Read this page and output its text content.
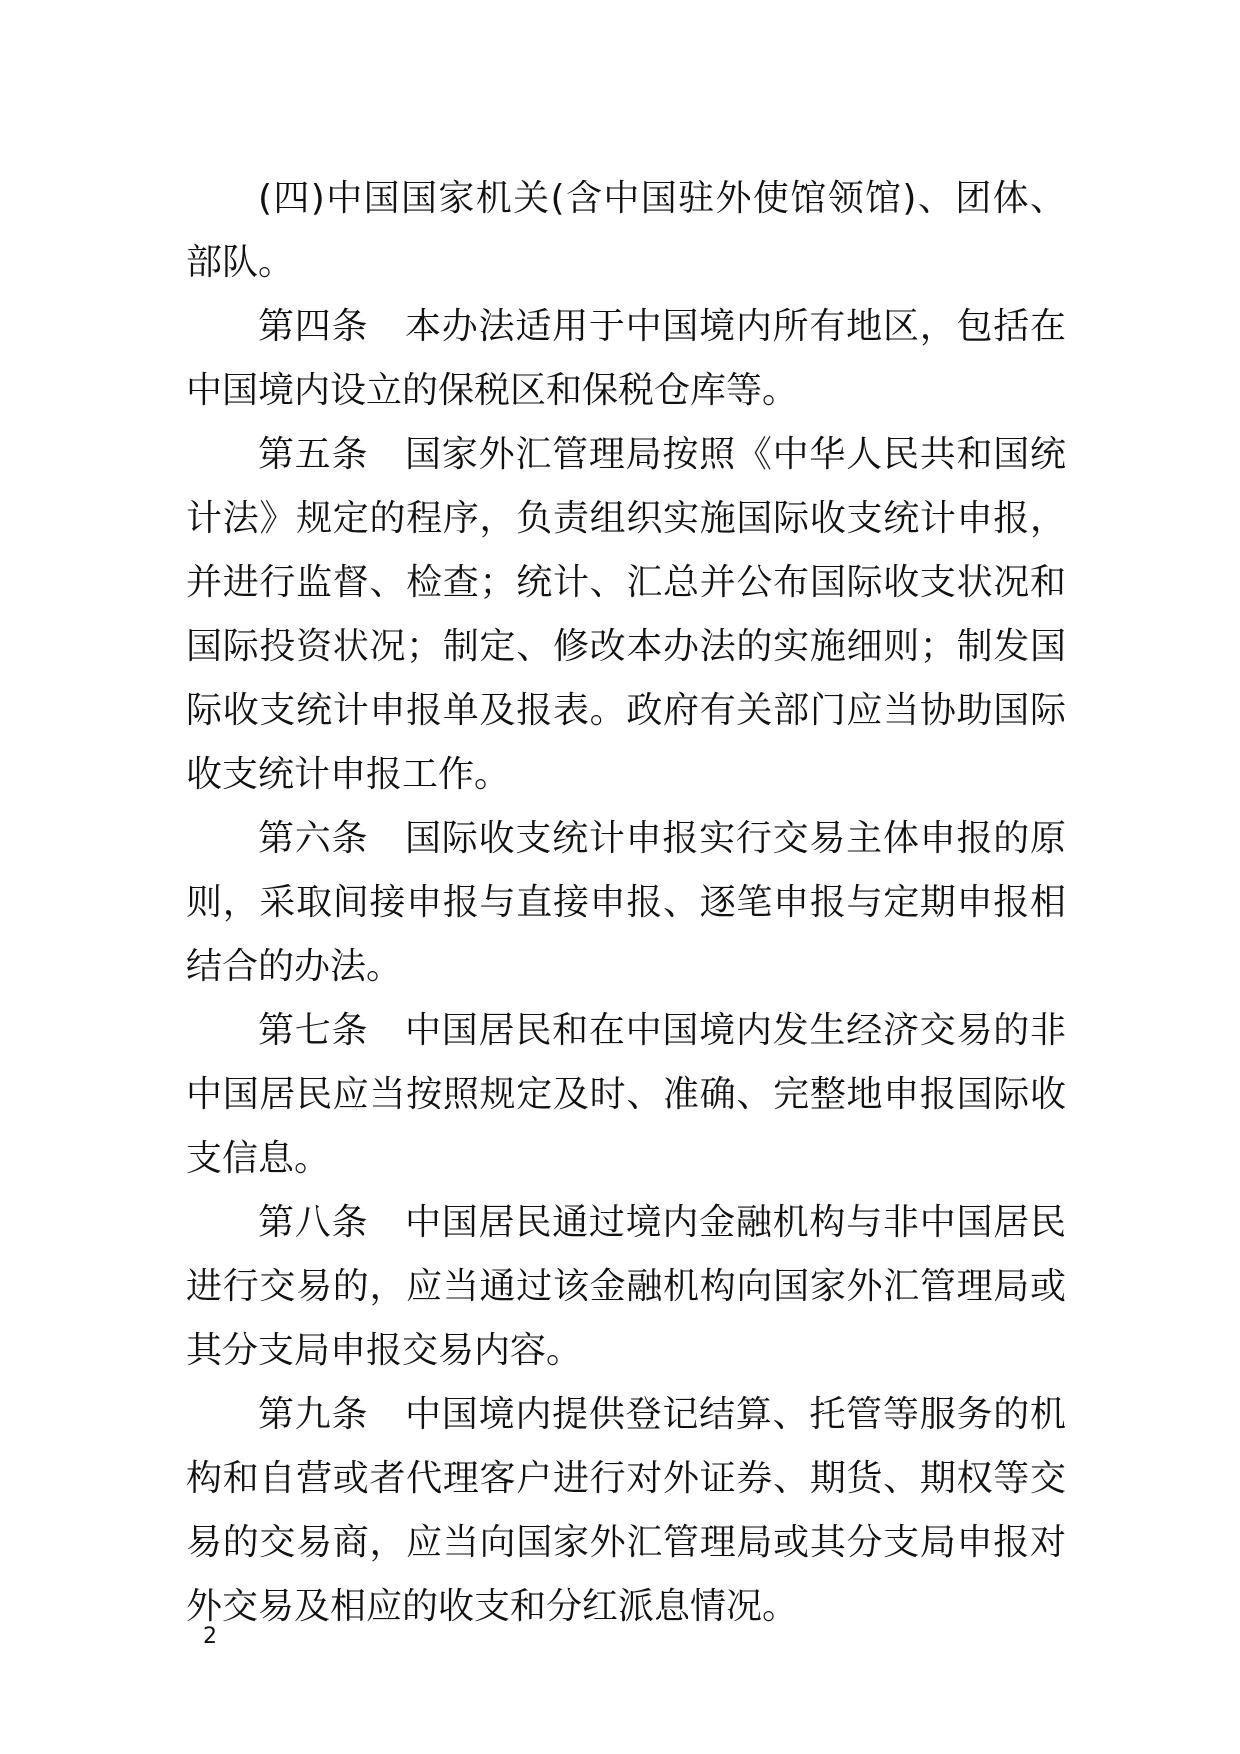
(四)中国国家机关(含中国驻外使馆领馆)、团体、部队。

第四条　本办法适用于中国境内所有地区，包括在中国境内设立的保税区和保税仓库等。

第五条　国家外汇管理局按照《中华人民共和国统计法》规定的程序，负责组织实施国际收支统计申报，并进行监督、检查；统计、汇总并公布国际收支状况和国际投资状况；制定、修改本办法的实施细则；制发国际收支统计申报单及报表。政府有关部门应当协助国际收支统计申报工作。

第六条　国际收支统计申报实行交易主体申报的原则，采取间接申报与直接申报、逐笔申报与定期申报相结合的办法。

第七条　中国居民和在中国境内发生经济交易的非中国居民应当按照规定及时、准确、完整地申报国际收支信息。

第八条　中国居民通过境内金融机构与非中国居民进行交易的，应当通过该金融机构向国家外汇管理局或其分支局申报交易内容。

第九条　中国境内提供登记结算、托管等服务的机构和自营或者代理客户进行对外证券、期货、期权等交易的交易商，应当向国家外汇管理局或其分支局申报对外交易及相应的收支和分红派息情况。

2
